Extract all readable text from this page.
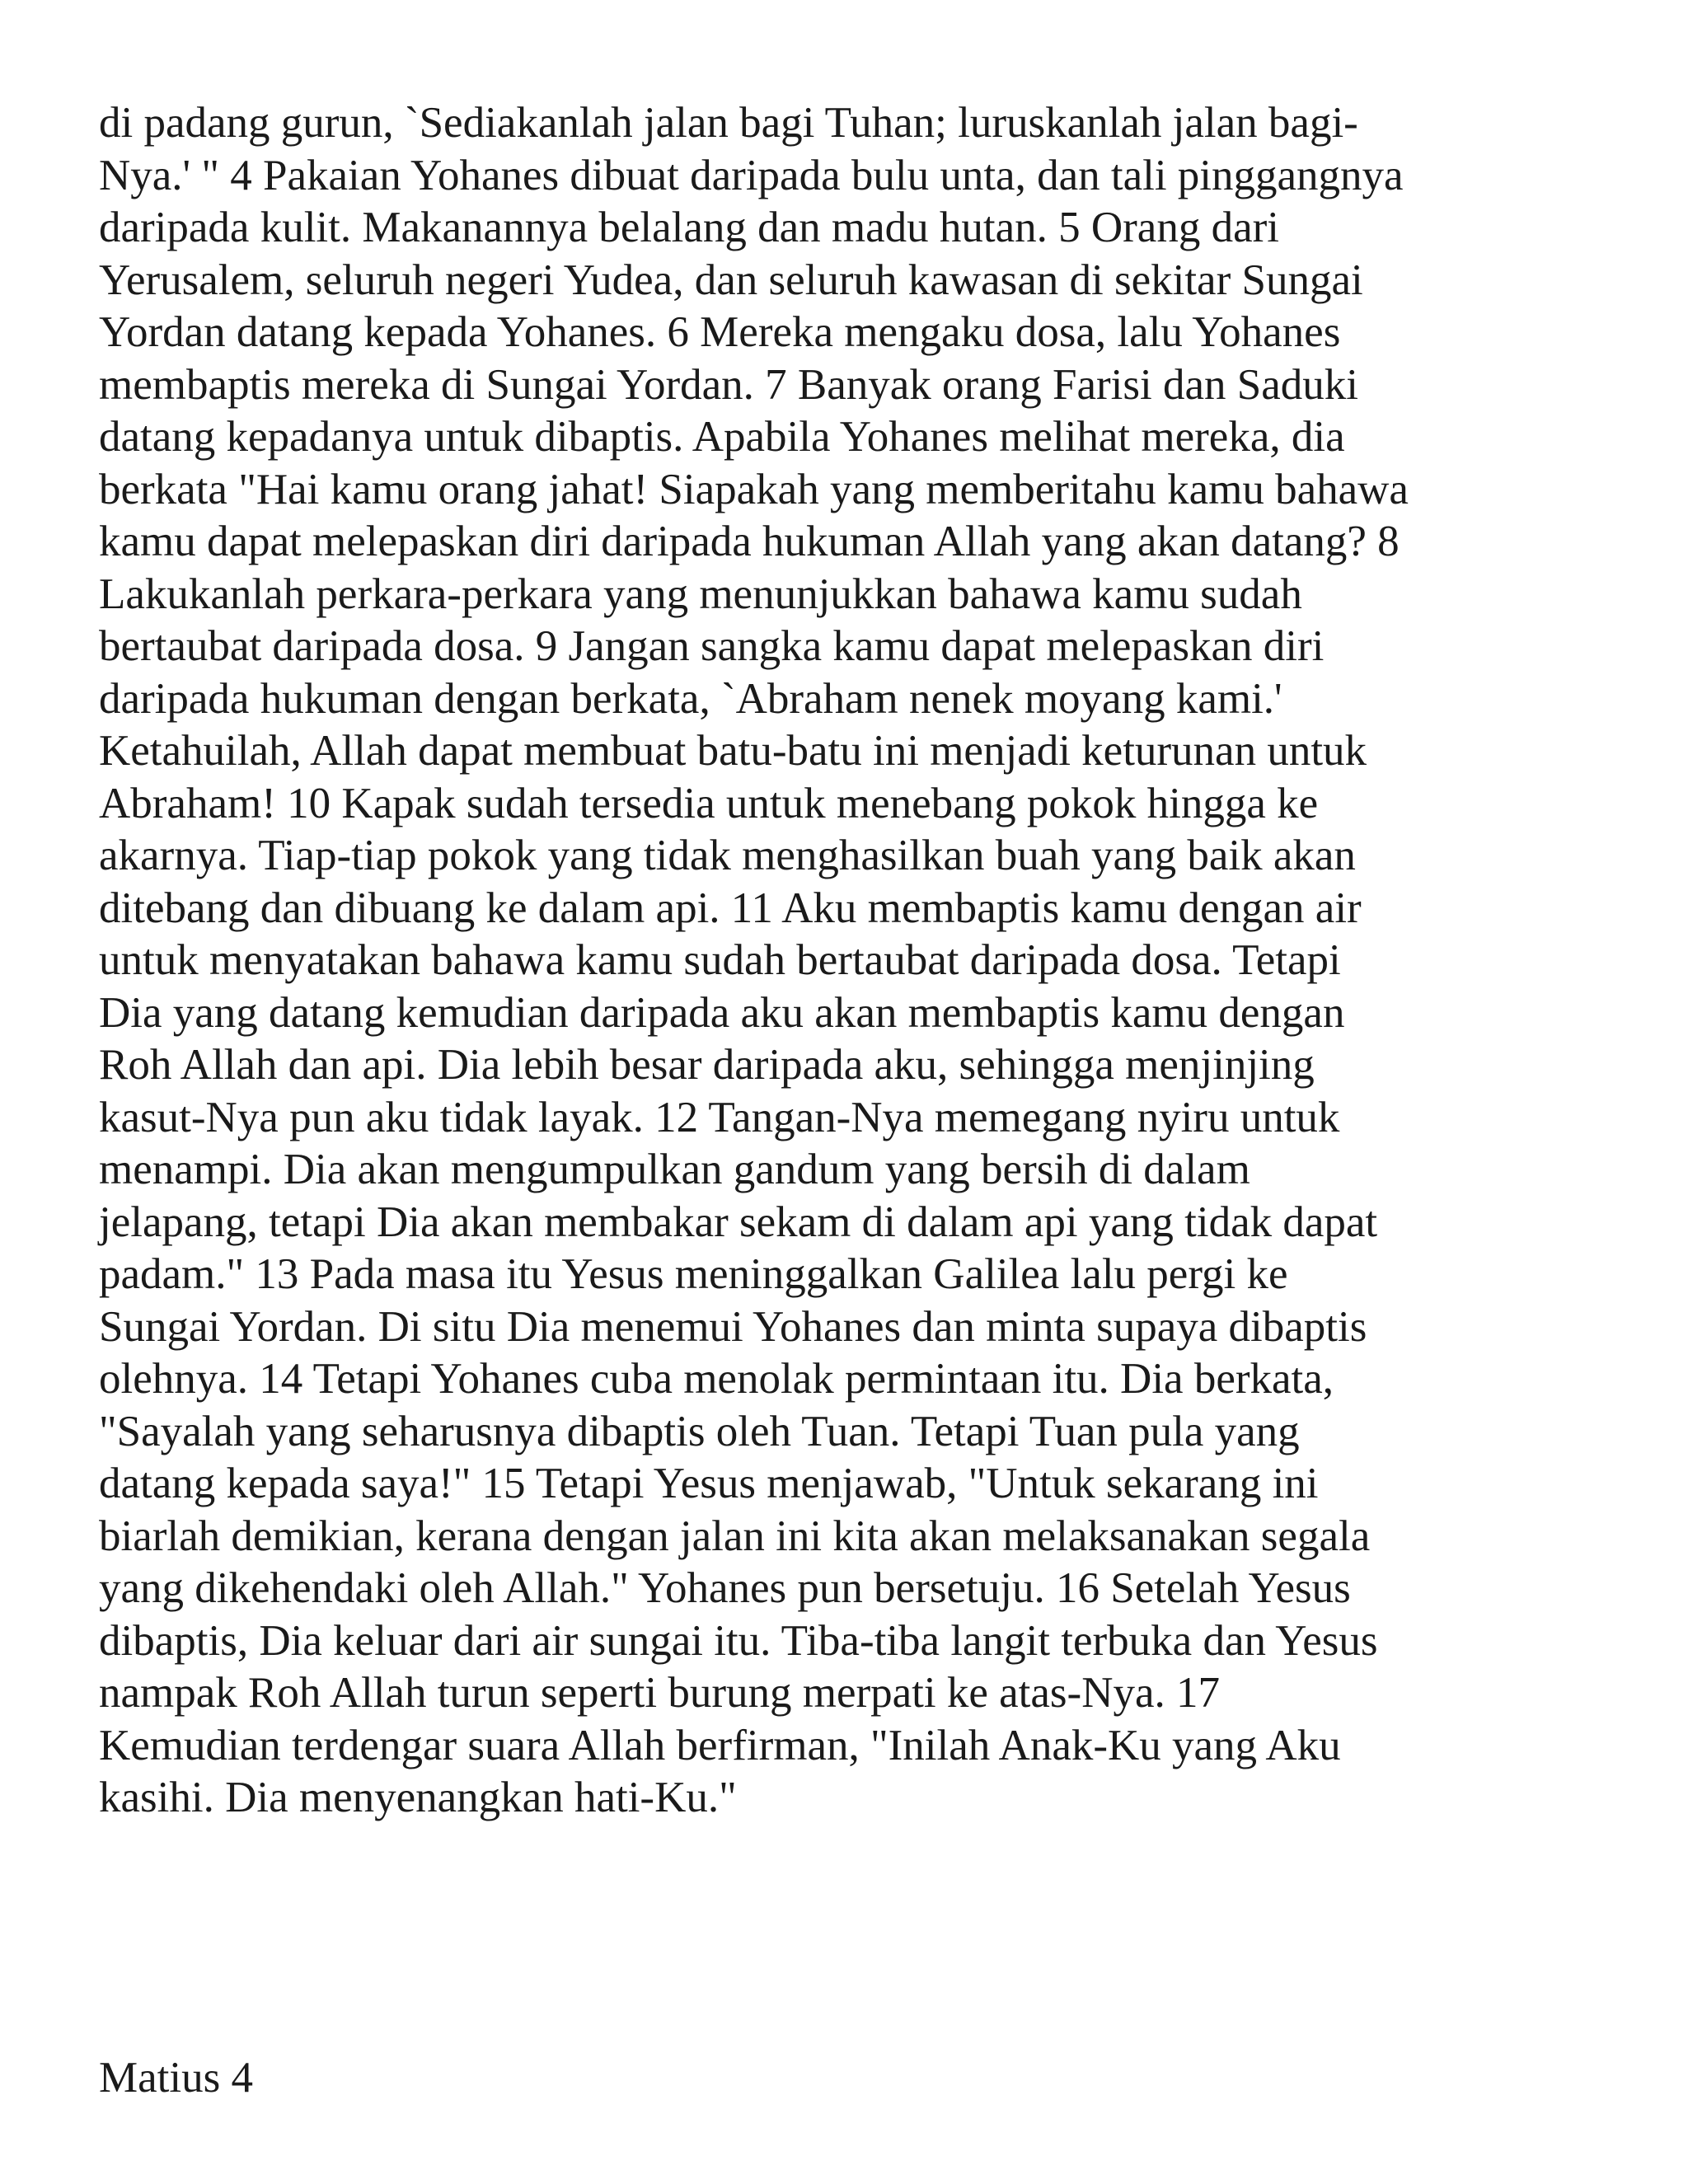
di padang gurun, `Sediakanlah jalan bagi Tuhan; luruskanlah jalan bagi-
Nya.' " 4 Pakaian Yohanes dibuat daripada bulu unta, dan tali pinggangnya
daripada kulit. Makanannya belalang dan madu hutan. 5 Orang dari
Yerusalem, seluruh negeri Yudea, dan seluruh kawasan di sekitar Sungai
Yordan datang kepada Yohanes. 6 Mereka mengaku dosa, lalu Yohanes
membaptis mereka di Sungai Yordan. 7 Banyak orang Farisi dan Saduki
datang kepadanya untuk dibaptis. Apabila Yohanes melihat mereka, dia
berkata "Hai kamu orang jahat! Siapakah yang memberitahu kamu bahawa
kamu dapat melepaskan diri daripada hukuman Allah yang akan datang? 8
Lakukanlah perkara-perkara yang menunjukkan bahawa kamu sudah
bertaubat daripada dosa. 9 Jangan sangka kamu dapat melepaskan diri
daripada hukuman dengan berkata, `Abraham nenek moyang kami.'
Ketahuilah, Allah dapat membuat batu-batu ini menjadi keturunan untuk
Abraham! 10 Kapak sudah tersedia untuk menebang pokok hingga ke
akarnya. Tiap-tiap pokok yang tidak menghasilkan buah yang baik akan
ditebang dan dibuang ke dalam api. 11 Aku membaptis kamu dengan air
untuk menyatakan bahawa kamu sudah bertaubat daripada dosa. Tetapi
Dia yang datang kemudian daripada aku akan membaptis kamu dengan
Roh Allah dan api. Dia lebih besar daripada aku, sehingga menjinjing
kasut-Nya pun aku tidak layak. 12 Tangan-Nya memegang nyiru untuk
menampi. Dia akan mengumpulkan gandum yang bersih di dalam
jelapang, tetapi Dia akan membakar sekam di dalam api yang tidak dapat
padam." 13 Pada masa itu Yesus meninggalkan Galilea lalu pergi ke
Sungai Yordan. Di situ Dia menemui Yohanes dan minta supaya dibaptis
olehnya. 14 Tetapi Yohanes cuba menolak permintaan itu. Dia berkata,
"Sayalah yang seharusnya dibaptis oleh Tuan. Tetapi Tuan pula yang
datang kepada saya!" 15 Tetapi Yesus menjawab, "Untuk sekarang ini
biarlah demikian, kerana dengan jalan ini kita akan melaksanakan segala
yang dikehendaki oleh Allah." Yohanes pun bersetuju. 16 Setelah Yesus
dibaptis, Dia keluar dari air sungai itu. Tiba-tiba langit terbuka dan Yesus
nampak Roh Allah turun seperti burung merpati ke atas-Nya. 17
Kemudian terdengar suara Allah berfirman, "Inilah Anak-Ku yang Aku
kasihi. Dia menyenangkan hati-Ku."
Matius 4
